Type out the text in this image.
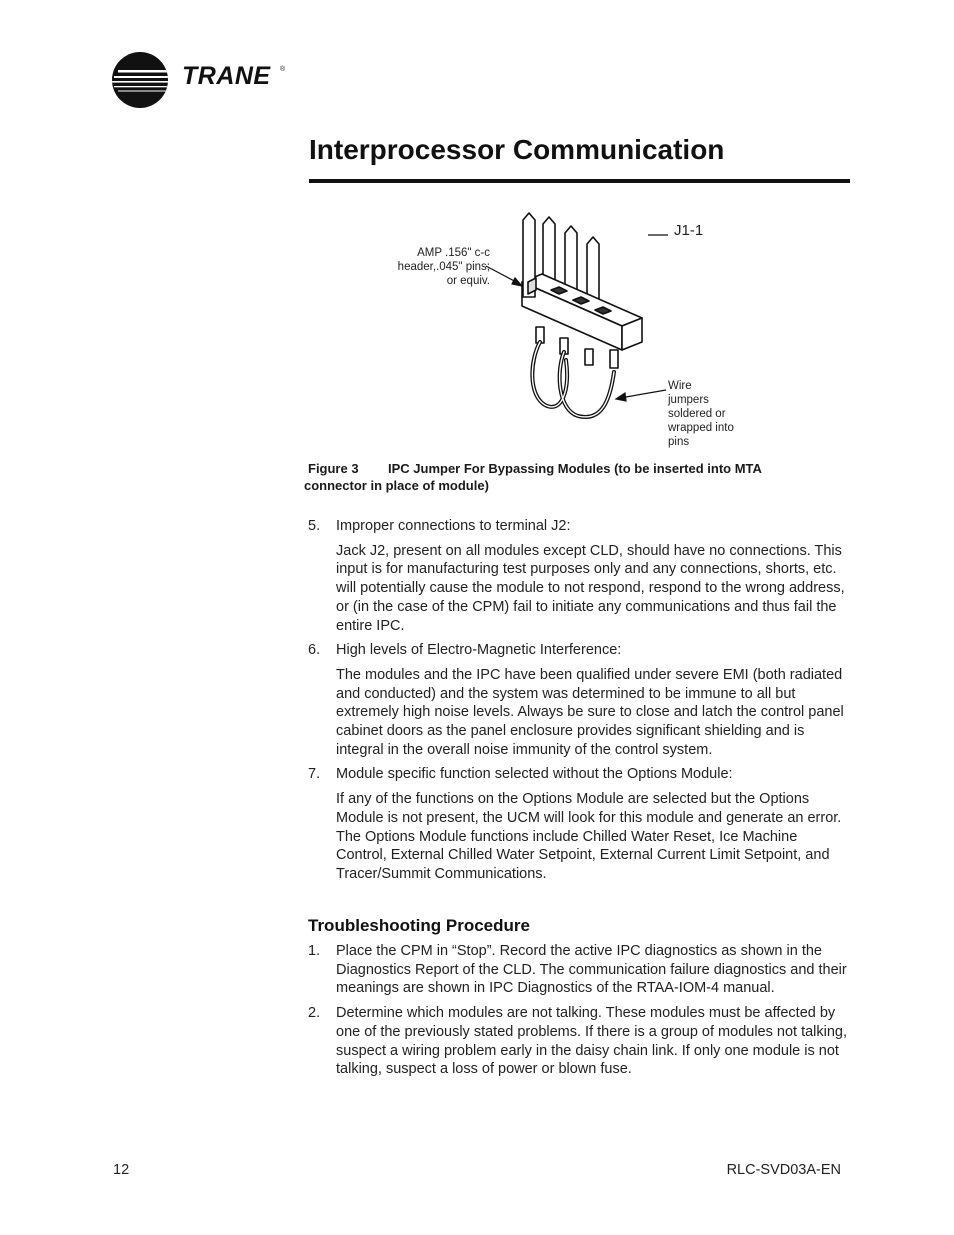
TRANE ®
Interprocessor Communication
J1-1
AMP .156" c-c
header,.045" pins;
or equiv.
Wire
jumpers
soldered or
wrapped into
pins
Figure 3 IPC Jumper For Bypassing Modules (to be inserted into MTA connector in place of module)
5.	Improper connections to terminal J2:
Jack J2, present on all modules except CLD, should have no connections. This input is for manufacturing test purposes only and any connections, shorts, etc. will potentially cause the module to not respond, respond to the wrong address, or (in the case of the CPM) fail to initiate any communications and thus fail the entire IPC.
6.	High levels of Electro-Magnetic Interference:
The modules and the IPC have been qualified under severe EMI (both radiated and conducted) and the system was determined to be immune to all but extremely high noise levels. Always be sure to close and latch the control panel cabinet doors as the panel enclosure provides significant shielding and is integral in the overall noise immunity of the control system.
7.	Module specific function selected without the Options Module:
If any of the functions on the Options Module are selected but the Options Module is not present, the UCM will look for this module and generate an error. The Options Module functions include Chilled Water Reset, Ice Machine Control, External Chilled Water Setpoint, External Current Limit Setpoint, and Tracer/Summit Communications.
Troubleshooting Procedure
1.	Place the CPM in “Stop”. Record the active IPC diagnostics as shown in the Diagnostics Report of the CLD. The communication failure diagnostics and their meanings are shown in IPC Diagnostics of the RTAA-IOM-4 manual.
2.	Determine which modules are not talking. These modules must be affected by one of the previously stated problems. If there is a group of modules not talking, suspect a wiring problem early in the daisy chain link. If only one module is not talking, suspect a loss of power or blown fuse.
12	RLC-SVD03A-EN
